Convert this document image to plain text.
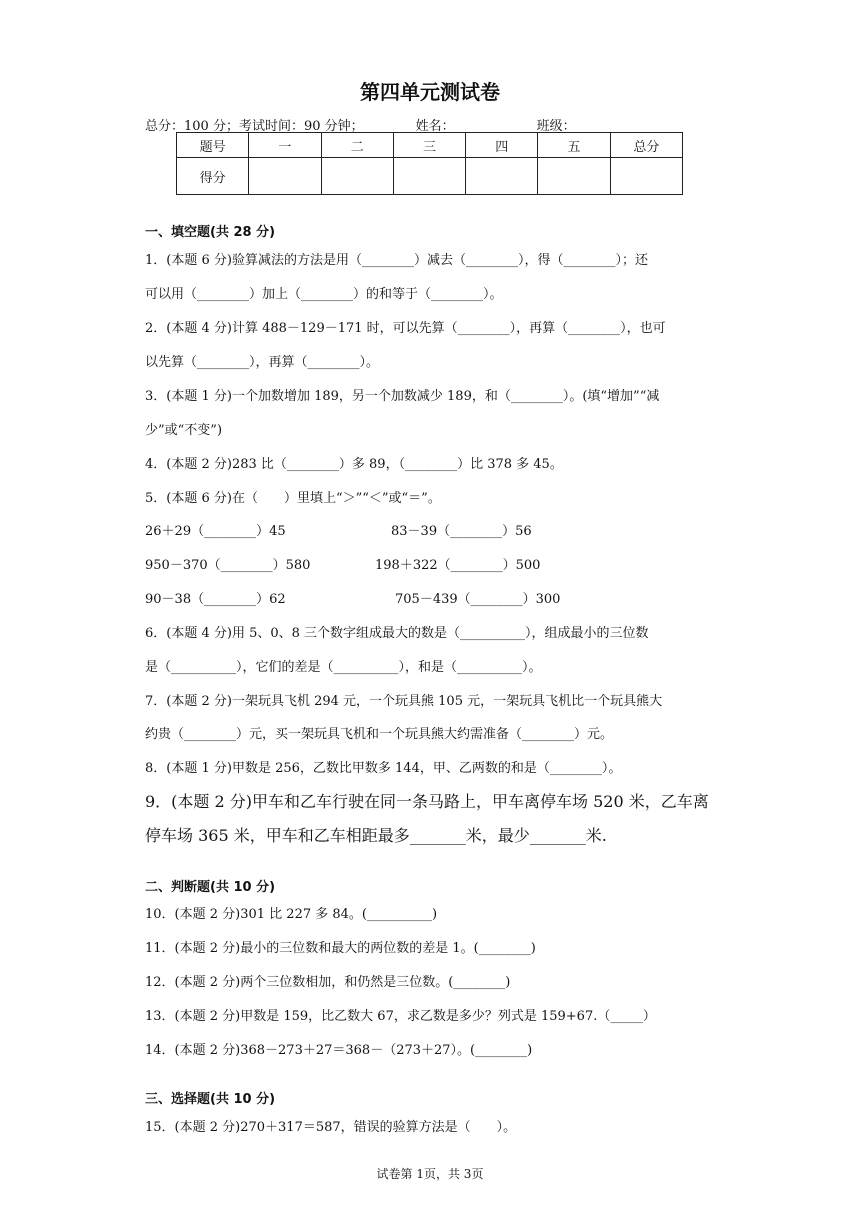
第四单元测试卷
总分：100 分；考试时间：90 分钟；	姓名：	班级：
题号	一	二	三	四	五	总分
得分						
一、填空题(共 28 分)
1．(本题 6 分)验算减法的方法是用（________）减去（________），得（________）；还
可以用（________）加上（________）的和等于（________）。
2．(本题 4 分)计算 488－129－171 时，可以先算（________），再算（________），也可
以先算（________），再算（________）。
3．(本题 1 分)一个加数增加 189，另一个加数减少 189，和（________）。(填“增加”“减
少”或“不变”)
4．(本题 2 分)283 比（________）多 89，（________）比 378 多 45。
5．(本题 6 分)在（　　）里填上“＞”“＜”或“＝”。
26＋29（________）45	83－39（________）56
950－370（________）580	198＋322（________）500
90－38（________）62	705－439（________）300
6．(本题 4 分)用 5、0、8 三个数字组成最大的数是（__________），组成最小的三位数
是（__________），它们的差是（__________），和是（__________）。
7．(本题 2 分)一架玩具飞机 294 元，一个玩具熊 105 元，一架玩具飞机比一个玩具熊大
约贵（________）元，买一架玩具飞机和一个玩具熊大约需准备（________）元。
8．(本题 1 分)甲数是 256，乙数比甲数多 144，甲、乙两数的和是（________）。
9．(本题 2 分)甲车和乙车行驶在同一条马路上，甲车离停车场 520 米，乙车离
停车场 365 米，甲车和乙车相距最多_______米，最少_______米.
二、判断题(共 10 分)
10．(本题 2 分)301 比 227 多 84。(__________)
11．(本题 2 分)最小的三位数和最大的两位数的差是 1。(________)
12．(本题 2 分)两个三位数相加，和仍然是三位数。(________)
13．(本题 2 分)甲数是 159，比乙数大 67，求乙数是多少？列式是 159+67.（_____）
14．(本题 2 分)368－273＋27＝368－（273＋27）。(________)
三、选择题(共 10 分)
15．(本题 2 分)270＋317＝587，错误的验算方法是（　　）。
试卷第 1页，共 3页
